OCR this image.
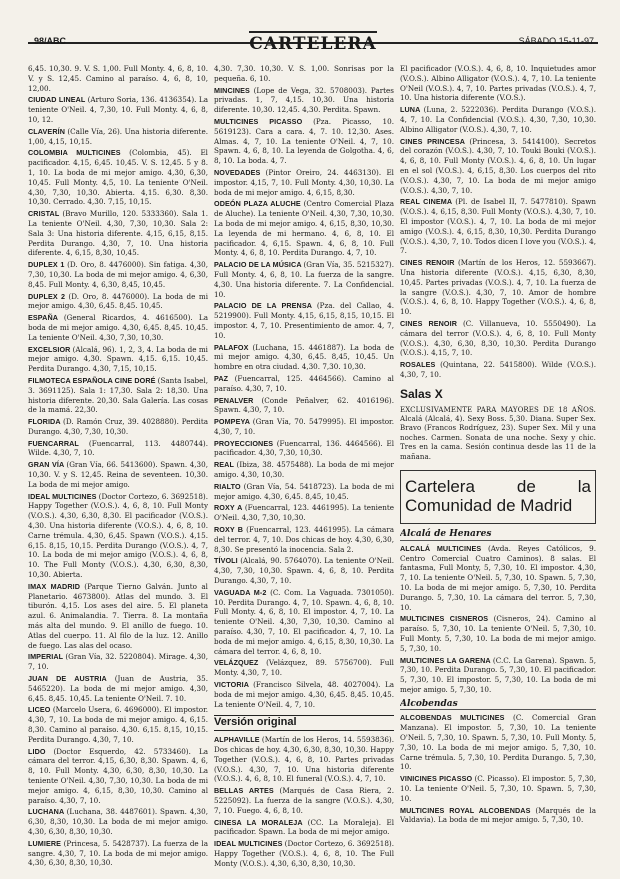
98/ABC	CARTELERA	SÁBADO 15-11-97
6,45. 10,30. 9. V. S. 1,00. Full Monty. 4, 6, 8, 10. V. y S. 12,45. Camino al paraíso. 4, 6, 8, 10, 12,00.
CIUDAD LINEAL (Arturo Soria, 136. 4136354). La teniente O'Neil. 4, 7,30, 10. Full Monty. 4, 6, 8, 10, 12.
CLAVERÍN (Calle Vía, 26). Una historia diferente. 1,00, 4,15, 10,15.
COLOMBIA MULTICINES (Colombia, 45). El pacificador. 4,15, 6,45. 10,45. V. S. 12,45. 5 y 8. 1, 10. La boda de mi mejor amigo. 4,30, 6,30, 10,45. Full Monty. 4,5, 10. La teniente O'Neil. 4,30, 7,30, 10,30. Abierta. 4,15. 6,30. 8,30. 10,30. Cerrado. 4,30. 7,15, 10,15.
CRISTAL (Bravo Murillo, 120. 5333360). Sala 1. La teniente O'Neil. 4,30, 7,30, 10,30. Sala 2: Sala 3: Una historia diferente. 4,15, 6,15, 8,15. Perdita Durango. 4,30, 7, 10. Una historia diferente. 4, 6,15, 8,30, 10,45.
DUPLEX 1 (D. Oro, 8. 4476000). Sin fatiga. 4,30, 7,30, 10,30. La boda de mi mejor amigo. 4, 6,30, 8,45. Full Monty. 4, 6,30, 8,45, 10,45.
DUPLEX 2 (D. Oro, 8. 4476000). La boda de mi mejor amigo. 4,30, 6,45. 8,45. 10,45.
ESPAÑA (General Ricardos, 4. 4616500). La boda de mi mejor amigo. 4,30, 6,45. 8,45. 10,45. La teniente O'Neil. 4,30, 7,30, 10,30.
EXCELSIOR (Alcalá, 96). 1, 2, 3, 4. La boda de mi mejor amigo. 4,30. Spawn. 4,15. 6,15. 10,45. Perdita Durango. 4,30, 7,15, 10,15.
FILMOTECA ESPAÑOLA CINE DORÉ (Santa Isabel, 3. 3691125). Sala 1: 17,30. Sala 2: 18,30. Una historia diferente. 20,30. Sala Galería. Las cosas de la mamá. 22,30.
FLORIDA (D. Ramón Cruz, 39. 4028880). Perdita Durango. 4,30, 7,30, 10,30.
FUENCARRAL (Fuencarral, 113. 4480744). Wilde. 4,30, 7, 10.
GRAN VÍA (Gran Vía, 66. 5413600). Spawn. 4,30, 10,30. V. y S. 12,45. Reina de seventeen. 10,30. La boda de mi mejor amigo.
IDEAL MULTICINES (Doctor Cortezo, 6. 3692518). Happy Together (V.O.S.). 4, 6, 8, 10. Full Monty (V.O.S.). 4,30, 6,30, 8,30. El pacificador (V.O.S.). 4,30. Una historia diferente (V.O.S.). 4, 6, 8, 10. Carne trémula. 4,30, 6,45. Spawn (V.O.S.). 4,15. 6,15. 8,15, 10,15. Perdita Durango (V.O.S.). 4, 7, 10. La boda de mi mejor amigo (V.O.S.). 4, 6, 8, 10. The Full Monty (V.O.S.). 4,30, 6,30, 8,30, 10,30. Abierta.
IMAX MADRID (Parque Tierno Galván. Junto al Planetario. 4673800). Atlas del mundo. 3. El tiburón. 4,15. Los ases del aire. 5. El planeta azul. 6. Animalandia. 7. Tierra. 8. La montaña más alta del mundo. 9. El anillo de fuego. 10. Atlas del cuerpo. 11. Al filo de la luz. 12. Anillo de fuego. Las alas del ocaso.
IMPERIAL (Gran Vía, 32. 5220804). Mirage. 4,30, 7, 10.
JUAN DE AUSTRIA (Juan de Austria, 35. 5465220). La boda de mi mejor amigo. 4,30, 6,45. 8,45. 10,45. La teniente O'Neil. 7. 10.
LICEO (Marcelo Usera, 6. 4696000). El impostor. 4,30, 7, 10. La boda de mi mejor amigo. 4, 6,15. 8,30. Camino al paraíso. 4,30. 6,15. 8,15, 10,15. Perdita Durango. 4,30, 7, 10.
LIDO (Doctor Esquerdo, 42. 5733460). La cámara del terror. 4,15, 6,30, 8,30. Spawn. 4, 6, 8, 10. Full Monty. 4,30, 6,30, 8,30, 10,30. La teniente O'Neil. 4,30, 7,30, 10,30. La boda de mi mejor amigo. 4, 6,15, 8,30, 10,30. Camino al paraíso. 4,30, 7, 10.
LUCHANA (Luchana, 38. 4487601). Spawn. 4,30, 6,30, 8,30, 10,30. La boda de mi mejor amigo. 4,30, 6,30, 8,30, 10,30.
LUMIERE (Princesa, 5. 5428737). La fuerza de la sangre. 4,30, 7, 10. La boda de mi mejor amigo. 4,30, 6,30, 8,30, 10,30.
4,30. 7,30. 10,30. V. S. 1,00. Sonrisas por la pequeña. 6, 10.
MINCINES (Lope de Vega, 32. 5708003). Partes privadas. 1, 7, 4,15. 10,30. Una historia diferente. 10,30. 12,45. 4,30. Perdita. Spawn.
MULTICINES PICASSO (Pza. Picasso, 10. 5619123). Cara a cara. 4, 7. 10. 12,30. Ases. Almas. 4, 7, 10. La teniente O'Neil. 4, 7, 10. Spawn. 4, 6, 8, 10. La leyenda de Golgotha. 4, 6, 8, 10. La boda. 4, 7.
NOVEDADES (Pintor Oreiro, 24. 4463130). El impostor. 4,15, 7, 10. Full Monty. 4,30, 10,30. La boda de mi mejor amigo. 4, 6,15, 8,30.
ODEÓN PLAZA ALUCHE (Centro Comercial Plaza de Aluche). La teniente O'Neil. 4,30, 7,30, 10,30. La boda de mi mejor amigo. 4, 6,15, 8,30, 10,30. La leyenda de mi hermano. 4, 6, 8, 10. El pacificador. 4, 6,15. Spawn. 4, 6, 8, 10. Full Monty. 4, 6, 8, 10. Perdita Durango. 4, 7, 10.
PALACIO DE LA MÚSICA (Gran Vía, 35. 5215327). Full Monty. 4, 6, 8, 10. La fuerza de la sangre. 4,30. Una historia diferente. 7. La Confidencial. 10.
PALACIO DE LA PRENSA (Pza. del Callao, 4. 5219900). Full Monty. 4,15, 6,15, 8,15, 10,15. El impostor. 4, 7, 10. Presentimiento de amor. 4, 7, 10.
PALAFOX (Luchana, 15. 4461887). La boda de mi mejor amigo. 4,30, 6,45. 8,45, 10,45. Un hombre en otra ciudad. 4,30. 7,30. 10,30.
PAZ (Fuencarral, 125. 4464566). Camino al paraíso. 4,30, 7, 10.
PENALVER (Conde Peñalver, 62. 4016196). Spawn. 4,30, 7, 10.
POMPEYA (Gran Vía, 70. 5479995). El impostor. 4,30, 7, 10.
PROYECCIONES (Fuencarral, 136. 4464566). El pacificador. 4,30, 7,30, 10,30.
REAL (Ibiza, 38. 4575488). La boda de mi mejor amigo. 4,30, 10,30.
RIALTO (Gran Vía, 54. 5418723). La boda de mi mejor amigo. 4,30, 6,45. 8,45, 10,45.
ROXY A (Fuencarral, 123. 4461995). La teniente O'Neil. 4,30, 7,30, 10,30.
ROXY B (Fuencarral, 123. 4461995). La cámara del terror. 4, 7, 10. Dos chicas de hoy. 4,30, 6,30, 8,30. Se presentó la inocencia. Sala 2.
TÍVOLI (Alcalá, 90. 5764070). La teniente O'Neil. 4,30, 7,30, 10,30. Spawn. 4, 6, 8, 10. Perdita Durango. 4,30, 7, 10.
VAGUADA M-2 (C. Com. La Vaguada. 7301050). 10. Perdita Durango. 4, 7, 10. Spawn. 4, 6, 8, 10. Full Monty. 4, 6, 8, 10. El impostor. 4, 7, 10. La teniente O'Neil. 4,30, 7,30, 10,30. Camino al paraíso. 4,30, 7, 10. El pacificador. 4, 7, 10. La boda de mi mejor amigo. 4, 6,15, 8,30, 10,30. La cámara del terror. 4, 6, 8, 10.
VELÁZQUEZ (Velázquez, 89. 5756700). Full Monty. 4,30, 7, 10.
VICTORIA (Francisco Silvela, 48. 4027004). La boda de mi mejor amigo. 4,30, 6,45. 8,45. 10,45. La teniente O'Neil. 4, 7, 10.
Versión original
ALPHAVILLE (Martín de los Heros, 14. 5593836). Dos chicas de hoy. 4,30, 6,30, 8,30, 10,30. Happy Together (V.O.S.). 4, 6, 8, 10. Partes privadas (V.O.S.). 4,30, 7, 10. Una historia diferente (V.O.S.). 4, 6, 8, 10. El funeral (V.O.S.). 4, 7, 10.
BELLAS ARTES (Marqués de Casa Riera, 2. 5225092). La fuerza de la sangre (V.O.S.). 4,30, 7, 10. Fuego. 4, 6, 8, 10.
CINESA LA MORALEJA (CC. La Moraleja). El pacificador. Spawn. La boda de mi mejor amigo.
IDEAL MULTICINES (Doctor Cortezo, 6. 3692518). Happy Together (V.O.S.). 4, 6, 8, 10. The Full Monty (V.O.S.). 4,30, 6,30, 8,30, 10,30.
El pacificador (V.O.S.). 4, 6, 8, 10. Inquietudes amor (V.O.S.). Albino Alligator (V.O.S.). 4, 7, 10. La teniente O'Neil (V.O.S.). 4, 7, 10. Partes privadas (V.O.S.). 4, 7, 10. Una historia diferente (V.O.S.).
LUNA (Luna, 2. 5222036). Perdita Durango (V.O.S.). 4, 7, 10. La Confidencial (V.O.S.). 4,30, 7,30, 10,30. Albino Alligator (V.O.S.). 4,30, 7, 10.
CINES PRINCESA (Princesa, 3. 5414100). Secretos del corazón (V.O.S.). 4,30, 7, 10. Touki Bouki (V.O.S.). 4, 6, 8, 10. Full Monty (V.O.S.). 4, 6, 8, 10. Un lugar en el sol (V.O.S.). 4, 6,15, 8,30. Los cuerpos del rito (V.O.S.). 4,30, 7, 10. La boda de mi mejor amigo (V.O.S.). 4,30, 7, 10.
REAL CINEMA (Pl. de Isabel II, 7. 5477810). Spawn (V.O.S.). 4, 6,15, 8,30. Full Monty (V.O.S.). 4,30, 7, 10. El impostor (V.O.S.). 4, 7, 10. La boda de mi mejor amigo (V.O.S.). 4, 6,15, 8,30, 10,30. Perdita Durango (V.O.S.). 4,30, 7, 10. Todos dicen I love you (V.O.S.). 4, 7.
CINES RENOIR (Martín de los Heros, 12. 5593667). Una historia diferente (V.O.S.). 4,15, 6,30, 8,30, 10,45. Partes privadas (V.O.S.). 4, 7, 10. La fuerza de la sangre (V.O.S.). 4,30, 7, 10. Amor de hombre (V.O.S.). 4, 6, 8, 10. Happy Together (V.O.S.). 4, 6, 8, 10.
CINES RENOIR (C. Villanueva, 10. 5550490). La cámara del terror (V.O.S.). 4, 6, 8, 10. Full Monty (V.O.S.). 4,30, 6,30, 8,30, 10,30. Perdita Durango (V.O.S.). 4,15, 7, 10.
ROSALES (Quintana, 22. 5415800). Wilde (V.O.S.). 4,30, 7, 10.
Salas X
EXCLUSIVAMENTE PARA MAYORES DE 18 AÑOS. Alcalá (Alcalá, 4). Sexy Boss. 5,30. Diana. Super Sex. Bravo (Francos Rodríguez, 23). Super Sex. Mil y una noches. Carmen. Sonata de una noche. Sexy y chic. Tres en la cama. Sesión continua desde las 11 de la mañana.
Cartelera de la Comunidad de Madrid
Alcalá de Henares
ALCALÁ MULTICINES (Avda. Reyes Católicos, 9. Centro Comercial Cuatro Caminos). 8 salas. El fantasma, Full Monty, 5, 7,30, 10. El impostor. 4,30, 7, 10. La teniente O'Neil. 5, 7,30, 10. Spawn. 5, 7,30, 10. La boda de mi mejor amigo. 5, 7,30, 10. Perdita Durango. 5, 7,30, 10. La cámara del terror. 5, 7,30, 10.
MULTICINES CISNEROS (Cisneros, 24). Camino al paraíso. 5, 7,30, 10. La teniente O'Neil. 5, 7,30, 10. Full Monty. 5, 7,30, 10. La boda de mi mejor amigo. 5, 7,30, 10.
MULTICINES LA GARENA (C.C. La Garena). Spawn. 5, 7,30, 10. Perdita Durango. 5, 7,30, 10. El pacificador. 5, 7,30, 10. El impostor. 5, 7,30, 10. La boda de mi mejor amigo. 5, 7,30, 10.
Alcobendas
ALCOBENDAS MULTICINES (C. Comercial Gran Manzana). El impostor. 5, 7,30, 10. La teniente O'Neil. 5, 7,30, 10. Spawn. 5, 7,30, 10. Full Monty. 5, 7,30, 10. La boda de mi mejor amigo. 5, 7,30, 10. Carne trémula. 5, 7,30, 10. Perdita Durango. 5, 7,30, 10.
VINICINES PICASSO (C. Picasso). El impostor. 5, 7,30, 10. La teniente O'Neil. 5, 7,30, 10. Spawn. 5, 7,30, 10.
MULTICINES ROYAL ALCOBENDAS (Marqués de la Valdavia). La boda de mi mejor amigo. 5, 7,30, 10.
